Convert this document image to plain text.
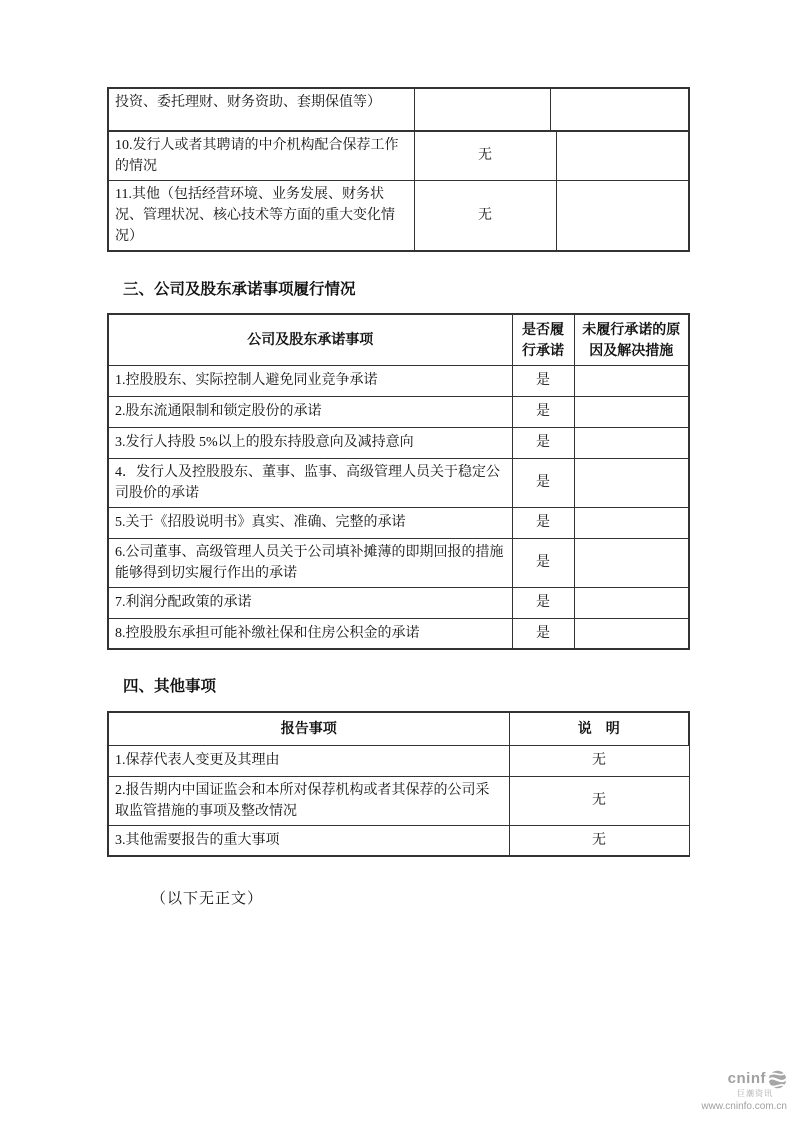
投资、委托理财、财务资助、套期保值等）		
10.发行人或者其聘请的中介机构配合保荐工作的情况	无	
11.其他（包括经营环境、业务发展、财务状况、管理状况、核心技术等方面的重大变化情况）	无	
三、公司及股东承诺事项履行情况
公司及股东承诺事项	是否履行承诺	未履行承诺的原因及解决措施
1.控股股东、实际控制人避免同业竞争承诺	是	
2.股东流通限制和锁定股份的承诺	是	
3.发行人持股 5%以上的股东持股意向及减持意向	是	
4．发行人及控股股东、董事、监事、高级管理人员关于稳定公司股价的承诺	是	
5.关于《招股说明书》真实、准确、完整的承诺	是	
6.公司董事、高级管理人员关于公司填补摊薄的即期回报的措施能够得到切实履行作出的承诺	是	
7.利润分配政策的承诺	是	
8.控股股东承担可能补缴社保和住房公积金的承诺	是	
四、其他事项
报告事项	说　明
1.保荐代表人变更及其理由	无
2.报告期内中国证监会和本所对保荐机构或者其保荐的公司采取监管措施的事项及整改情况	无
3.其他需要报告的重大事项	无
（以下无正文）
cninf
巨潮资讯
www.cninfo.com.cn
